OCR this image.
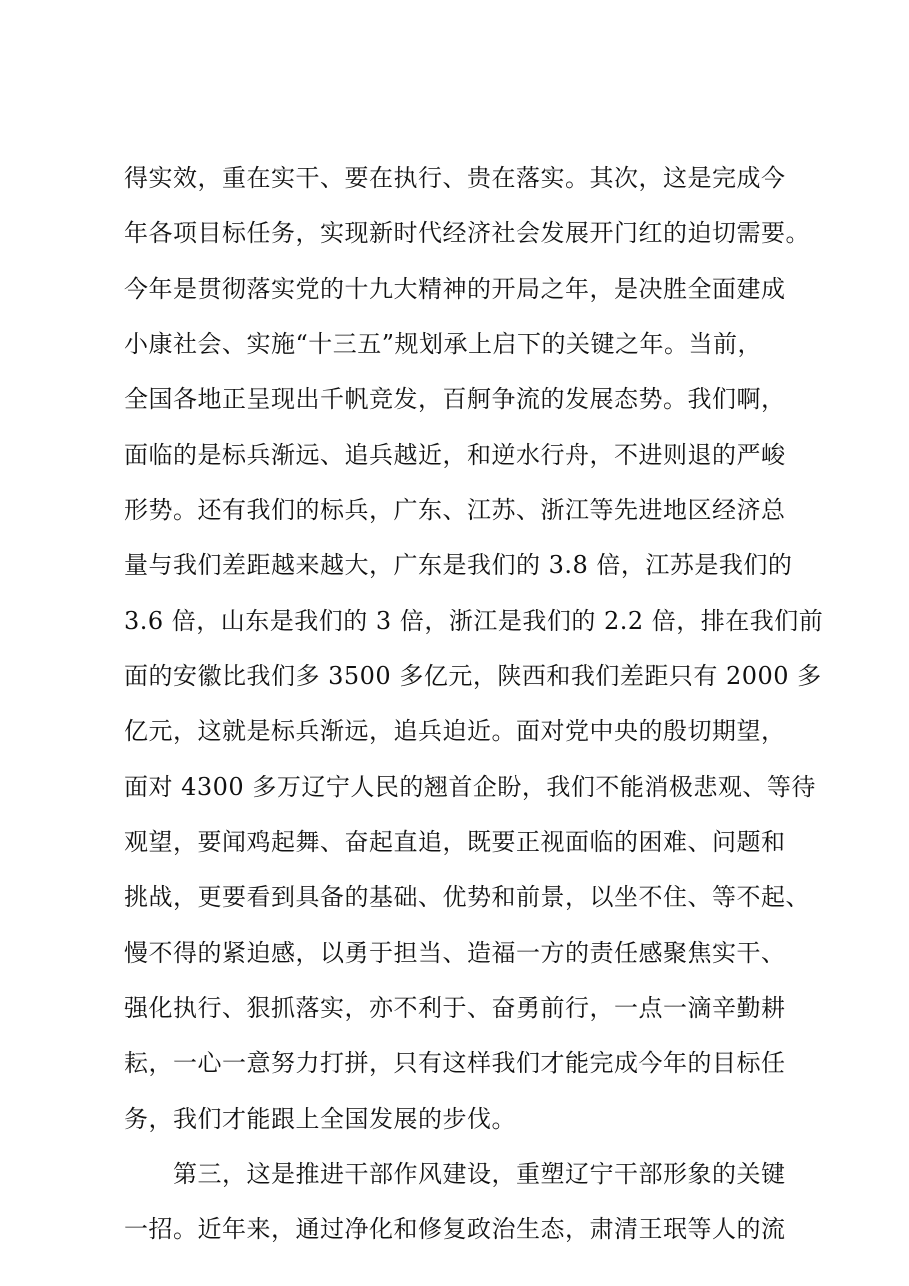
得实效，重在实干、要在执行、贵在落实。其次，这是完成今
年各项目标任务，实现新时代经济社会发展开门红的迫切需要。
今年是贯彻落实党的十九大精神的开局之年，是决胜全面建成
小康社会、实施“十三五”规划承上启下的关键之年。当前，
全国各地正呈现出千帆竞发，百舸争流的发展态势。我们啊，
面临的是标兵渐远、追兵越近，和逆水行舟，不进则退的严峻
形势。还有我们的标兵，广东、江苏、浙江等先进地区经济总
量与我们差距越来越大，广东是我们的 3.8 倍，江苏是我们的
3.6 倍，山东是我们的 3 倍，浙江是我们的 2.2 倍，排在我们前
面的安徽比我们多 3500 多亿元，陕西和我们差距只有 2000 多
亿元，这就是标兵渐远，追兵迫近。面对党中央的殷切期望，
面对 4300 多万辽宁人民的翘首企盼，我们不能消极悲观、等待
观望，要闻鸡起舞、奋起直追，既要正视面临的困难、问题和
挑战，更要看到具备的基础、优势和前景，以坐不住、等不起、
慢不得的紧迫感，以勇于担当、造福一方的责任感聚焦实干、
强化执行、狠抓落实，亦不利于、奋勇前行，一点一滴辛勤耕
耘，一心一意努力打拼，只有这样我们才能完成今年的目标任
务，我们才能跟上全国发展的步伐。
　　第三，这是推进干部作风建设，重塑辽宁干部形象的关键
一招。近年来，通过净化和修复政治生态，肃清王珉等人的流
